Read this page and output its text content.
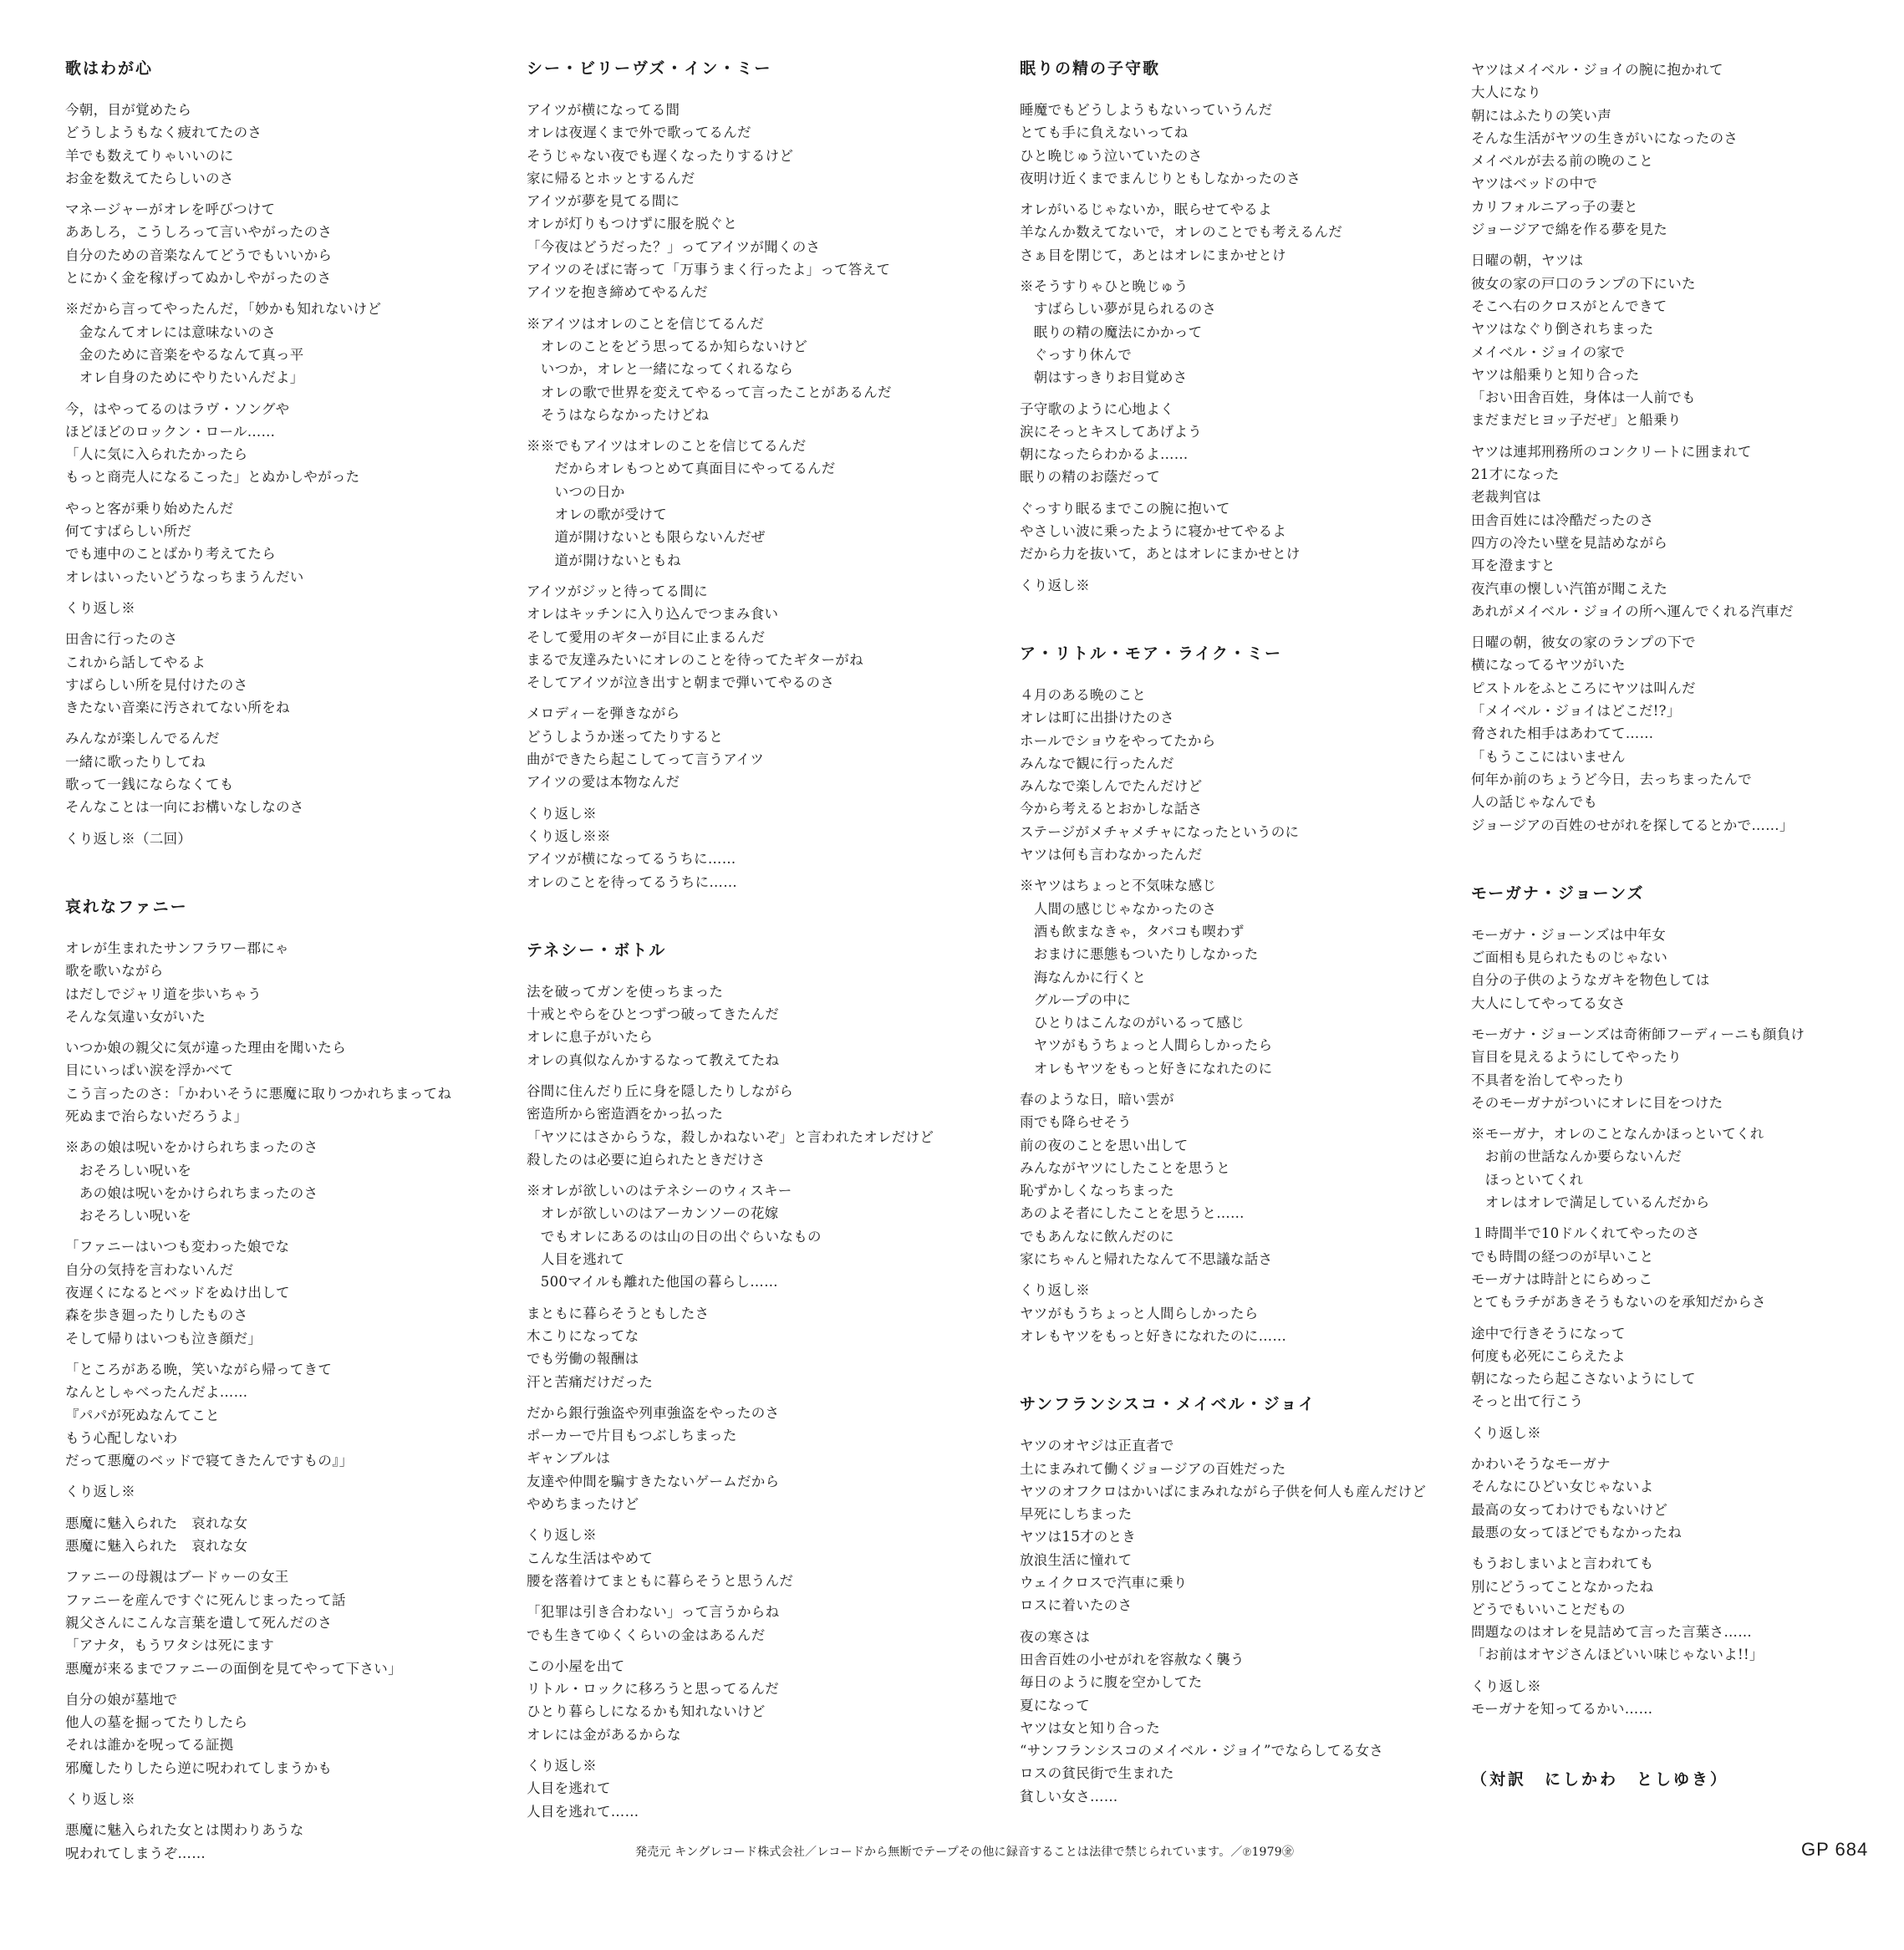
歌はわが心
今朝，目が覚めたら
どうしようもなく疲れてたのさ
羊でも数えてりゃいいのに
お金を数えてたらしいのさ
マネージャーがオレを呼びつけて
ああしろ，こうしろって言いやがったのさ
自分のための音楽なんてどうでもいいから
とにかく金を稼げってぬかしやがったのさ
※だから言ってやったんだ，「妙かも知れないけど
　金なんてオレには意味ないのさ
　金のために音楽をやるなんて真っ平
　オレ自身のためにやりたいんだよ」
今，はやってるのはラヴ・ソングや
ほどほどのロックン・ロール……
「人に気に入られたかったら
もっと商売人になるこった」とぬかしやがった
やっと客が乗り始めたんだ
何てすばらしい所だ
でも連中のことばかり考えてたら
オレはいったいどうなっちまうんだい
くり返し※
田舎に行ったのさ
これから話してやるよ
すばらしい所を見付けたのさ
きたない音楽に汚されてない所をね
みんなが楽しんでるんだ
一緒に歌ったりしてね
歌って一銭にならなくても
そんなことは一向にお構いなしなのさ
くり返し※（二回）
哀れなファニー
オレが生まれたサンフラワー郡にゃ
歌を歌いながら
はだしでジャリ道を歩いちゃう
そんな気違い女がいた
いつか娘の親父に気が違った理由を聞いたら
目にいっぱい涙を浮かべて
こう言ったのさ：「かわいそうに悪魔に取りつかれちまってね
死ぬまで治らないだろうよ」
※あの娘は呪いをかけられちまったのさ
　おそろしい呪いを
　あの娘は呪いをかけられちまったのさ
　おそろしい呪いを
「ファニーはいつも変わった娘でな
自分の気持を言わないんだ
夜遅くになるとベッドをぬけ出して
森を歩き廻ったりしたものさ
そして帰りはいつも泣き顔だ」
「ところがある晩，笑いながら帰ってきて
なんとしゃべったんだよ……
『パパが死ぬなんてこと
もう心配しないわ
だって悪魔のベッドで寝てきたんですもの』」
くり返し※
悪魔に魅入られた　哀れな女
悪魔に魅入られた　哀れな女
ファニーの母親はブードゥーの女王
ファニーを産んですぐに死んじまったって話
親父さんにこんな言葉を遺して死んだのさ
「アナタ，もうワタシは死にます
悪魔が来るまでファニーの面倒を見てやって下さい」
自分の娘が墓地で
他人の墓を掘ってたりしたら
それは誰かを呪ってる証拠
邪魔したりしたら逆に呪われてしまうかも
くり返し※
悪魔に魅入られた女とは関わりあうな
呪われてしまうぞ……
シー・ビリーヴズ・イン・ミー
アイツが横になってる間
オレは夜遅くまで外で歌ってるんだ
そうじゃない夜でも遅くなったりするけど
家に帰るとホッとするんだ
アイツが夢を見てる間に
オレが灯りもつけずに服を脱ぐと
「今夜はどうだった？」ってアイツが聞くのさ
アイツのそばに寄って「万事うまく行ったよ」って答えて
アイツを抱き締めてやるんだ
※アイツはオレのことを信じてるんだ
　オレのことをどう思ってるか知らないけど
　いつか，オレと一緒になってくれるなら
　オレの歌で世界を変えてやるって言ったことがあるんだ
　そうはならなかったけどね
※※でもアイツはオレのことを信じてるんだ
　　だからオレもつとめて真面目にやってるんだ
　　いつの日か
　　オレの歌が受けて
　　道が開けないとも限らないんだぜ
　　道が開けないともね
アイツがジッと待ってる間に
オレはキッチンに入り込んでつまみ食い
そして愛用のギターが目に止まるんだ
まるで友達みたいにオレのことを待ってたギターがね
そしてアイツが泣き出すと朝まで弾いてやるのさ
メロディーを弾きながら
どうしようか迷ってたりすると
曲ができたら起こしてって言うアイツ
アイツの愛は本物なんだ
くり返し※
くり返し※※
アイツが横になってるうちに……
オレのことを待ってるうちに……
テネシー・ボトル
法を破ってガンを使っちまった
十戒とやらをひとつずつ破ってきたんだ
オレに息子がいたら
オレの真似なんかするなって教えてたね
谷間に住んだり丘に身を隠したりしながら
密造所から密造酒をかっ払った
「ヤツにはさからうな，殺しかねないぞ」と言われたオレだけど
殺したのは必要に迫られたときだけさ
※オレが欲しいのはテネシーのウィスキー
　オレが欲しいのはアーカンソーの花嫁
　でもオレにあるのは山の日の出ぐらいなもの
　人目を逃れて
　500マイルも離れた他国の暮らし……
まともに暮らそうともしたさ
木こりになってな
でも労働の報酬は
汗と苦痛だけだった
だから銀行強盗や列車強盗をやったのさ
ポーカーで片目もつぶしちまった
ギャンブルは
友達や仲間を騙すきたないゲームだから
やめちまったけど
くり返し※
こんな生活はやめて
腰を落着けてまともに暮らそうと思うんだ
「犯罪は引き合わない」って言うからね
でも生きてゆくくらいの金はあるんだ
この小屋を出て
リトル・ロックに移ろうと思ってるんだ
ひとり暮らしになるかも知れないけど
オレには金があるからな
くり返し※
人目を逃れて
人目を逃れて……
眠りの精の子守歌
睡魔でもどうしようもないっていうんだ
とても手に負えないってね
ひと晩じゅう泣いていたのさ
夜明け近くまでまんじりともしなかったのさ
オレがいるじゃないか，眠らせてやるよ
羊なんか数えてないで，オレのことでも考えるんだ
さぁ目を閉じて，あとはオレにまかせとけ
※そうすりゃひと晩じゅう
　すばらしい夢が見られるのさ
　眠りの精の魔法にかかって
　ぐっすり休んで
　朝はすっきりお目覚めさ
子守歌のように心地よく
涙にそっとキスしてあげよう
朝になったらわかるよ……
眠りの精のお蔭だって
ぐっすり眠るまでこの腕に抱いて
やさしい波に乗ったように寝かせてやるよ
だから力を抜いて，あとはオレにまかせとけ
くり返し※
ア・リトル・モア・ライク・ミー
４月のある晩のこと
オレは町に出掛けたのさ
ホールでショウをやってたから
みんなで観に行ったんだ
みんなで楽しんでたんだけど
今から考えるとおかしな話さ
ステージがメチャメチャになったというのに
ヤツは何も言わなかったんだ
※ヤツはちょっと不気味な感じ
　人間の感じじゃなかったのさ
　酒も飲まなきゃ，タバコも喫わず
　おまけに悪態もついたりしなかった
　海なんかに行くと
　グループの中に
　ひとりはこんなのがいるって感じ
　ヤツがもうちょっと人間らしかったら
　オレもヤツをもっと好きになれたのに
春のような日，暗い雲が
雨でも降らせそう
前の夜のことを思い出して
みんながヤツにしたことを思うと
恥ずかしくなっちまった
あのよそ者にしたことを思うと……
でもあんなに飲んだのに
家にちゃんと帰れたなんて不思議な話さ
くり返し※
ヤツがもうちょっと人間らしかったら
オレもヤツをもっと好きになれたのに……
サンフランシスコ・メイベル・ジョイ
ヤツのオヤジは正直者で
土にまみれて働くジョージアの百姓だった
ヤツのオフクロはかいばにまみれながら子供を何人も産んだけど
早死にしちまった
ヤツは15才のとき
放浪生活に憧れて
ウェイクロスで汽車に乗り
ロスに着いたのさ
夜の寒さは
田舎百姓の小せがれを容赦なく襲う
毎日のように腹を空かしてた
夏になって
ヤツは女と知り合った
“サンフランシスコのメイベル・ジョイ”でならしてる女さ
ロスの貧民街で生まれた
貧しい女さ……
ヤツはメイベル・ジョイの腕に抱かれて
大人になり
朝にはふたりの笑い声
そんな生活がヤツの生きがいになったのさ
メイベルが去る前の晩のこと
ヤツはベッドの中で
カリフォルニアっ子の妻と
ジョージアで綿を作る夢を見た
日曜の朝，ヤツは
彼女の家の戸口のランプの下にいた
そこへ右のクロスがとんできて
ヤツはなぐり倒されちまった
メイベル・ジョイの家で
ヤツは船乗りと知り合った
「おい田舎百姓，身体は一人前でも
まだまだヒヨッ子だぜ」と船乗り
ヤツは連邦刑務所のコンクリートに囲まれて
21才になった
老裁判官は
田舎百姓には冷酷だったのさ
四方の冷たい壁を見詰めながら
耳を澄ますと
夜汽車の懐しい汽笛が聞こえた
あれがメイベル・ジョイの所へ運んでくれる汽車だ
日曜の朝，彼女の家のランプの下で
横になってるヤツがいた
ピストルをふところにヤツは叫んだ
「メイベル・ジョイはどこだ!?」
脅された相手はあわてて……
「もうここにはいません
何年か前のちょうど今日，去っちまったんで
人の話じゃなんでも
ジョージアの百姓のせがれを探してるとかで……」
モーガナ・ジョーンズ
モーガナ・ジョーンズは中年女
ご面相も見られたものじゃない
自分の子供のようなガキを物色しては
大人にしてやってる女さ
モーガナ・ジョーンズは奇術師フーディーニも顔負け
盲目を見えるようにしてやったり
不具者を治してやったり
そのモーガナがついにオレに目をつけた
※モーガナ，オレのことなんかほっといてくれ
　お前の世話なんか要らないんだ
　ほっといてくれ
　オレはオレで満足しているんだから
１時間半で10ドルくれてやったのさ
でも時間の経つのが早いこと
モーガナは時計とにらめっこ
とてもラチがあきそうもないのを承知だからさ
途中で行きそうになって
何度も必死にこらえたよ
朝になったら起こさないようにして
そっと出て行こう
くり返し※
かわいそうなモーガナ
そんなにひどい女じゃないよ
最高の女ってわけでもないけど
最悪の女ってほどでもなかったね
もうおしまいよと言われても
別にどうってことなかったね
どうでもいいことだもの
問題なのはオレを見詰めて言った言葉さ……
「お前はオヤジさんほどいい味じゃないよ!!」
くり返し※
モーガナを知ってるかい……
（対訳　にしかわ　としゆき）
発売元 キングレコード株式会社／レコードから無断でテープその他に録音することは法律で禁じられています。／℗1979㊎	GP 684
